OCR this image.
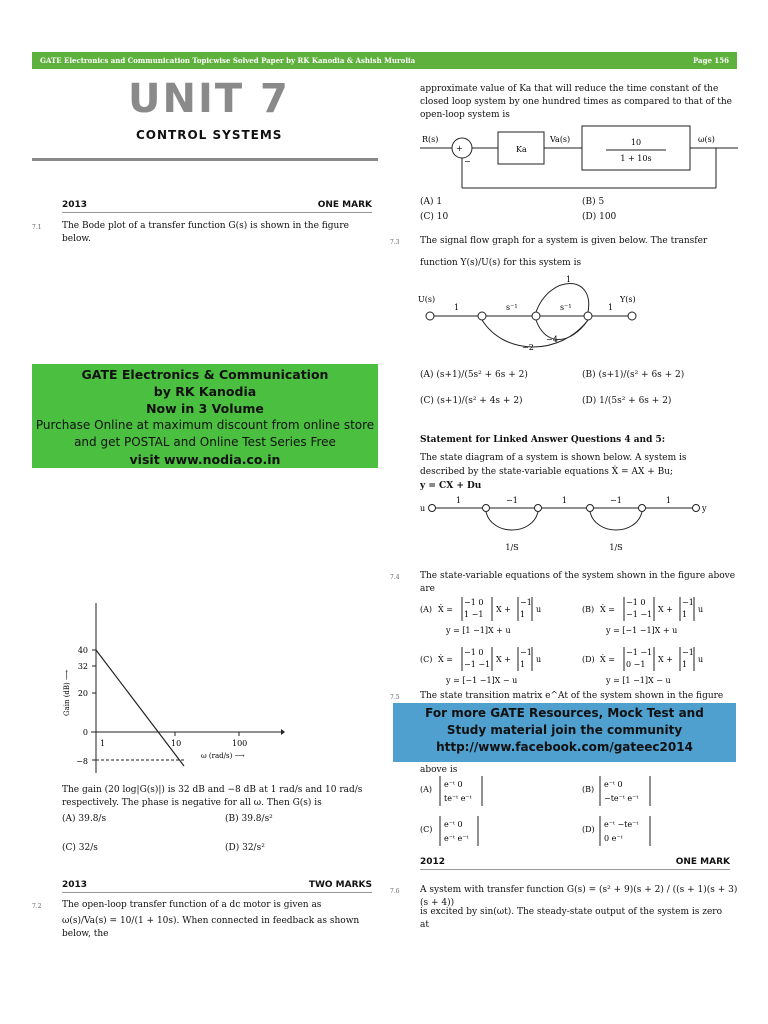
GATE Electronics and Communication Topicwise Solved Paper by RK Kanodia & Ashish Murolia	Page 156
UNIT 7
CONTROL SYSTEMS
2013	ONE MARK
7.1 The Bode plot of a transfer function G(s) is shown in the figure below.
GATE Electronics & Communication
by RK Kanodia
Now in 3 Volume
Purchase Online at maximum discount from online store
and get POSTAL and Online Test Series Free
visit www.nodia.co.in
40
32
20
0
−8
1	10	100
ω (rad/s) ⟶
Gain (dB) ⟶
The gain (20 log|G(s)|) is 32 dB and −8 dB at 1 rad/s and 10 rad/s respectively. The phase is negative for all ω. Then G(s) is
(A) 39.8/s	(B) 39.8/s²
(C) 32/s	(D) 32/s²
2013	TWO MARKS
7.2 The open-loop transfer function of a dc motor is given as
ω(s)/Va(s) = 10/(1 + 10s). When connected in feedback as shown below, the
approximate value of Ka that will reduce the time constant of the closed loop system by one hundred times as compared to that of the open-loop system is
+
−
R(s)
Ka
Va(s)	10
1 + 10s
ω(s)
(A) 1	(B) 5
(C) 10	(D) 100
7.3 The signal flow graph for a system is given below. The transfer
function Y(s)/U(s) for this system is
U(s)	Y(s)
1	s⁻¹	s⁻¹	1
1
−2
−4
(A) (s+1)/(5s² + 6s + 2)	(B) (s+1)/(s² + 6s + 2)
(C) (s+1)/(s² + 4s + 2)	(D) 1/(5s² + 6s + 2)
Statement for Linked Answer Questions 4 and 5:
The state diagram of a system is shown below. A system is
described by the state-variable equations Ẋ = AX + Bu;
y = CX + Du
u	y
1	−1	1	−1	1
1/S	1/S
7.4 The state-variable equations of the system shown in the figure above are
(A) Ẋ =
−1 0
1 −1
X +
−1
1
u
y = [1 −1]X + u
(B) Ẋ =
−1 0
−1 −1
X +
−1
1
u
y = [−1 −1]X + u
(C) Ẋ =
−1 0
−1 −1
X +
−1
1
u
y = [−1 −1]X − u
(D) Ẋ =
−1 −1
0 −1
X +
−1
1
u
y = [1 −1]X − u
7.5 The state transition matrix e^At of the system shown in the figure
For more GATE Resources, Mock Test and
Study material join the community
http://www.facebook.com/gateec2014
above is
(A)
e⁻ᵗ 0
te⁻ᵗ e⁻ᵗ
(B)
e⁻ᵗ 0
−te⁻ᵗ e⁻ᵗ
(C)
e⁻ᵗ 0
e⁻ᵗ e⁻ᵗ
(D)
e⁻ᵗ −te⁻ᵗ
0 e⁻ᵗ
2012	ONE MARK
7.6 A system with transfer function G(s) = (s² + 9)(s + 2) / ((s + 1)(s + 3)(s + 4))
is excited by sin(ωt). The steady-state output of the system is zero
at
